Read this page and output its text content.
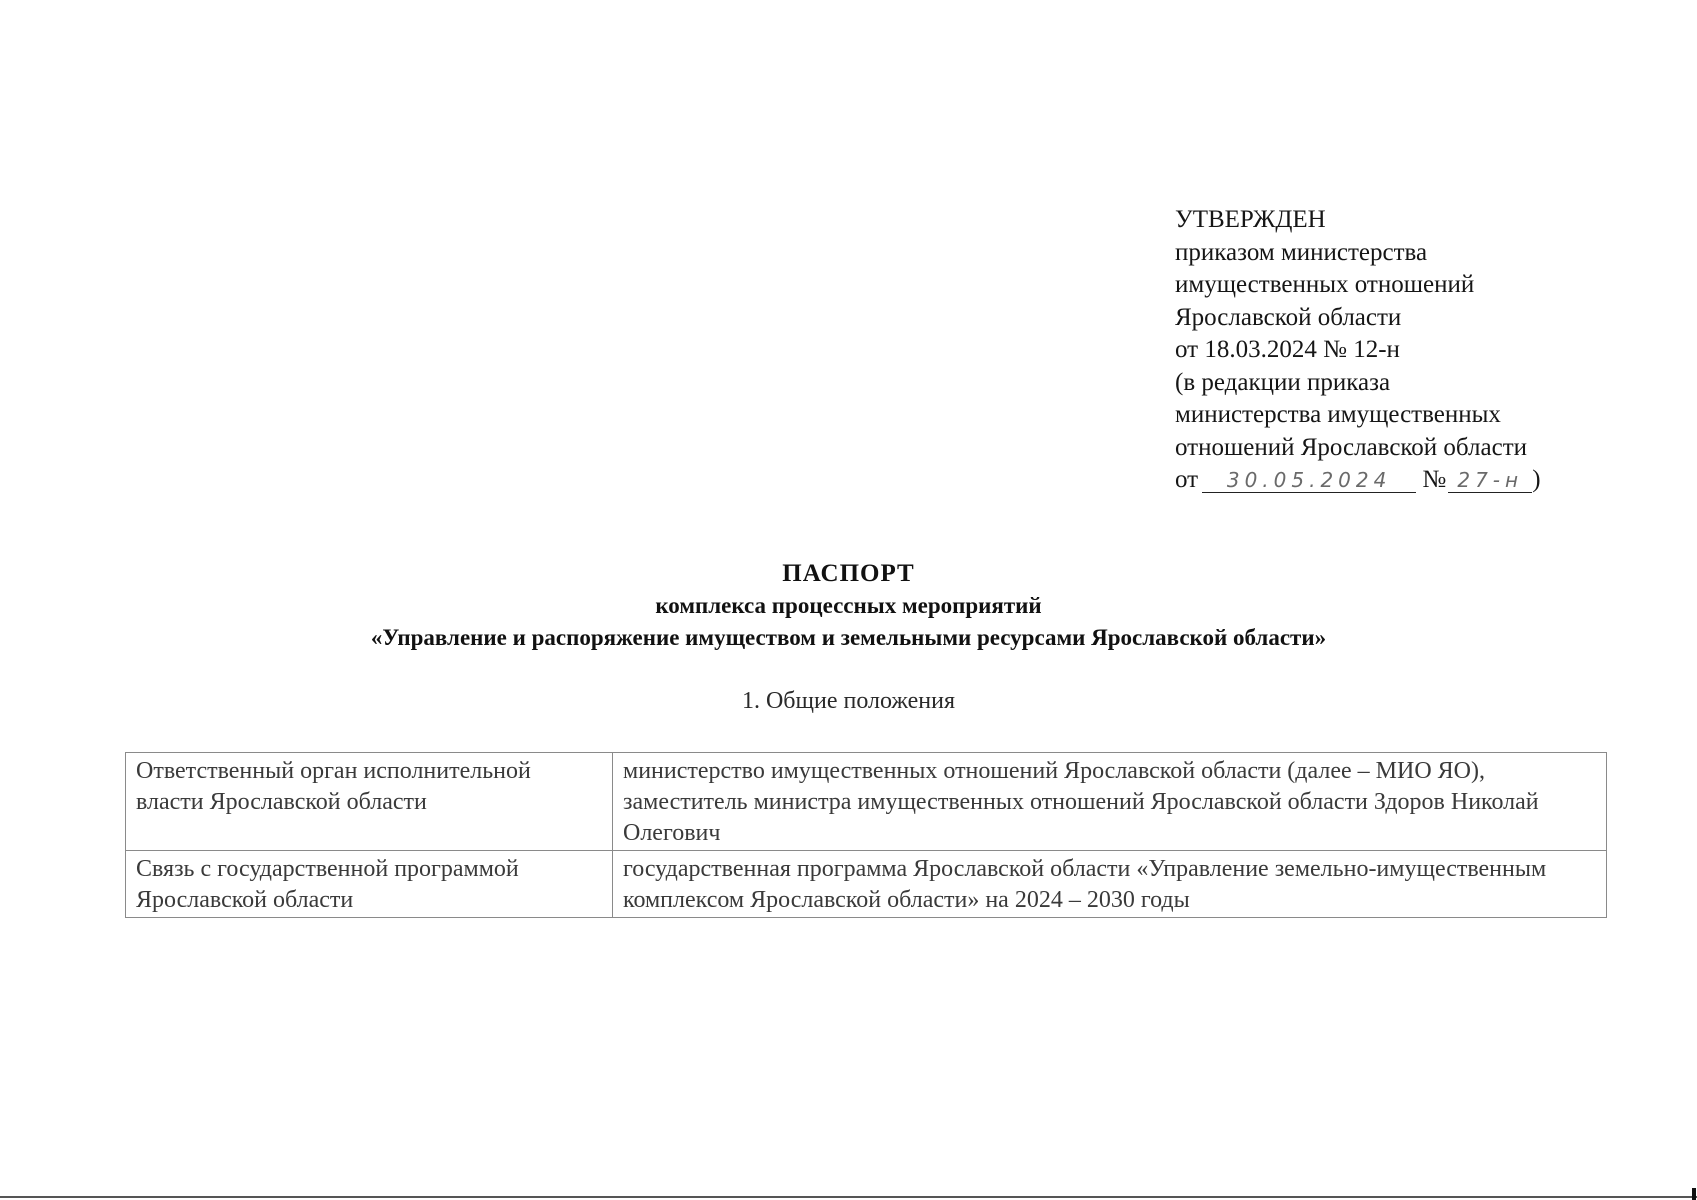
УТВЕРЖДЕН
приказом министерства
имущественных отношений
Ярославской области
от 18.03.2024 № 12-н
(в редакции приказа
министерства имущественных
отношений Ярославской области
от 30.05.2024 № 27-н )
ПАСПОРТ
комплекса процессных мероприятий
«Управление и распоряжение имуществом и земельными ресурсами Ярославской области»
1. Общие положения
Ответственный орган исполнительной власти Ярославской области	министерство имущественных отношений Ярославской области (далее – МИО ЯО), заместитель министра имущественных отношений Ярославской области Здоров Николай Олегович
Связь с государственной программой Ярославской области	государственная программа Ярославской области «Управление земельно-имущественным комплексом Ярославской области» на 2024 – 2030 годы
